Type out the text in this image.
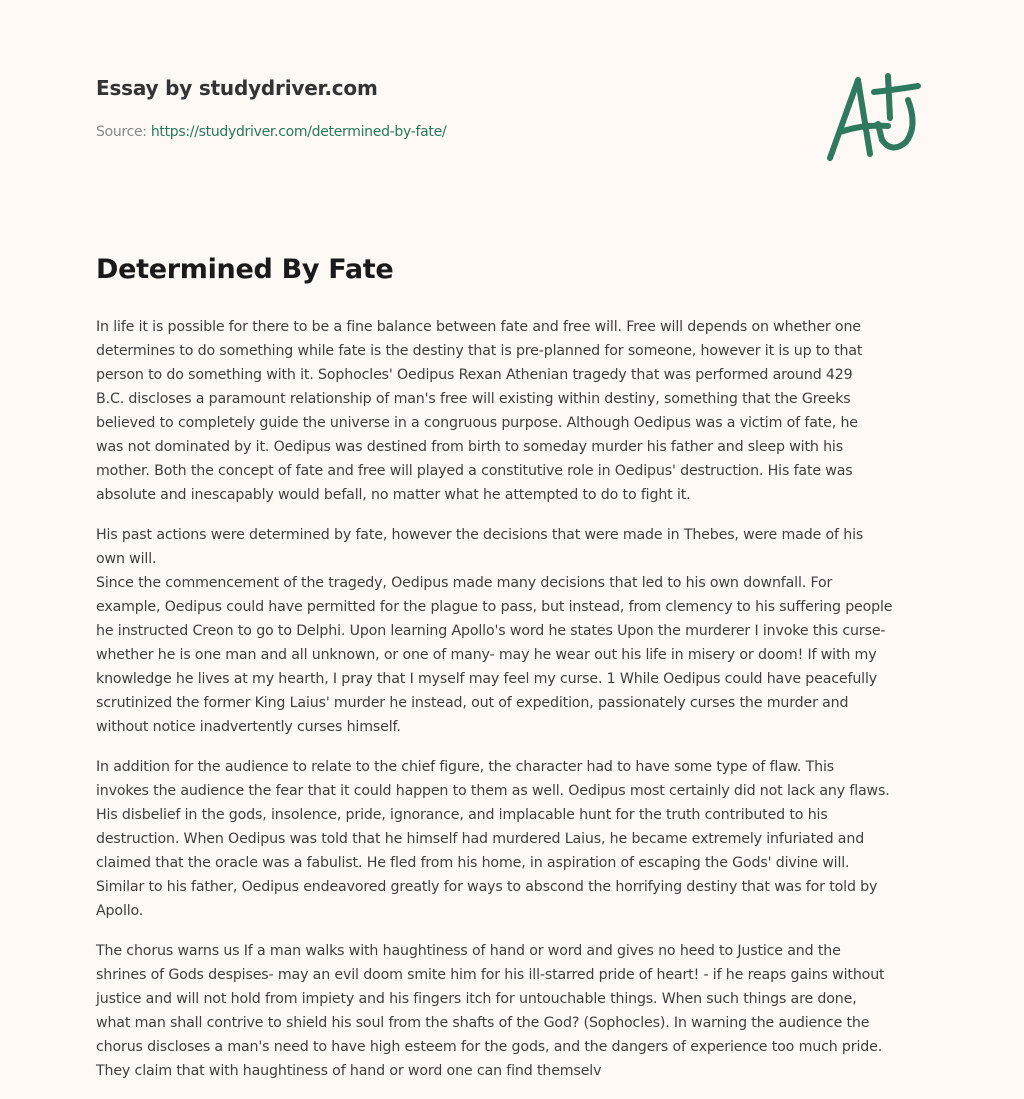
Essay by studydriver.com
Source: https://studydriver.com/determined-by-fate/
Determined By Fate

In life it is possible for there to be a fine balance between fate and free will. Free will depends on whether one
determines to do something while fate is the destiny that is pre-planned for someone, however it is up to that
person to do something with it. Sophocles' Oedipus Rexan Athenian tragedy that was performed around 429
B.C. discloses a paramount relationship of man's free will existing within destiny, something that the Greeks
believed to completely guide the universe in a congruous purpose. Although Oedipus was a victim of fate, he
was not dominated by it. Oedipus was destined from birth to someday murder his father and sleep with his
mother. Both the concept of fate and free will played a constitutive role in Oedipus' destruction. His fate was
absolute and inescapably would befall, no matter what he attempted to do to fight it.

His past actions were determined by fate, however the decisions that were made in Thebes, were made of his
own will.
Since the commencement of the tragedy, Oedipus made many decisions that led to his own downfall. For
example, Oedipus could have permitted for the plague to pass, but instead, from clemency to his suffering people
he instructed Creon to go to Delphi. Upon learning Apollo's word he states Upon the murderer I invoke this curse-
whether he is one man and all unknown, or one of many- may he wear out his life in misery or doom! If with my
knowledge he lives at my hearth, I pray that I myself may feel my curse. 1 While Oedipus could have peacefully
scrutinized the former King Laius' murder he instead, out of expedition, passionately curses the murder and
without notice inadvertently curses himself.

In addition for the audience to relate to the chief figure, the character had to have some type of flaw. This
invokes the audience the fear that it could happen to them as well. Oedipus most certainly did not lack any flaws.
His disbelief in the gods, insolence, pride, ignorance, and implacable hunt for the truth contributed to his
destruction. When Oedipus was told that he himself had murdered Laius, he became extremely infuriated and
claimed that the oracle was a fabulist. He fled from his home, in aspiration of escaping the Gods' divine will.
Similar to his father, Oedipus endeavored greatly for ways to abscond the horrifying destiny that was for told by
Apollo.

The chorus warns us If a man walks with haughtiness of hand or word and gives no heed to Justice and the
shrines of Gods despises- may an evil doom smite him for his ill-starred pride of heart! - if he reaps gains without
justice and will not hold from impiety and his fingers itch for untouchable things. When such things are done,
what man shall contrive to shield his soul from the shafts of the God? (Sophocles). In warning the audience the
chorus discloses a man's need to have high esteem for the gods, and the dangers of experience too much pride.
They claim that with haughtiness of hand or word one can find themselv
